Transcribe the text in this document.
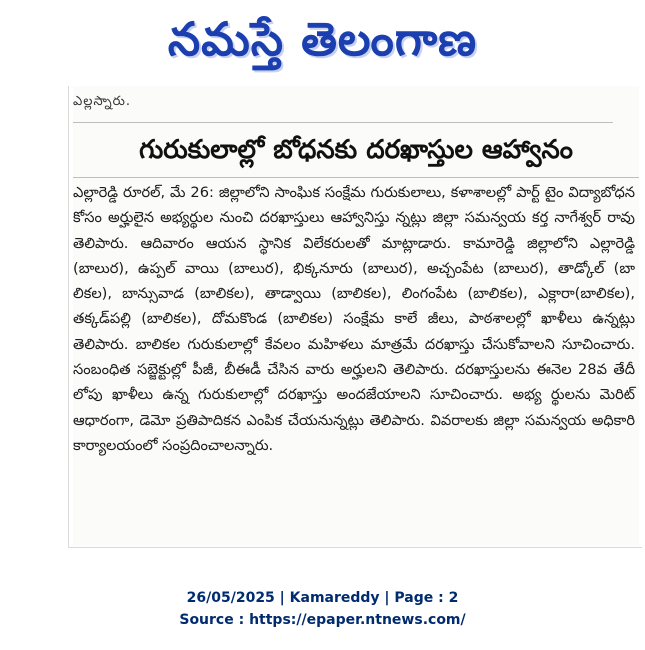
నమస్తే తెలంగాణ
ఎల్లస్నారు.
గురుకులాల్లో బోధనకు దరఖాస్తుల ఆహ్వానం

ఎల్లారెడ్డి రూరల్‌, మే 26: జిల్లాలోని సాంఘిక సంక్షేమ గురుకులాలు, కళాశాలల్లో పార్ట్‌ టైం విద్యాబోధన కోసం అర్హులైన అభ్యర్థుల నుంచి దరఖాస్తులు ఆహ్వానిస్తు న్నట్లు జిల్లా సమన్వయ కర్త నాగేశ్వర్‌ రావు తెలిపారు. ఆదివారం ఆయన స్థానిక విలేకరులతో మాట్లాడారు. కామారెడ్డి జిల్లాలోని ఎల్లారెడ్డి (బాలుర), ఉప్పల్‌ వాయి (బాలుర), భిక్కనూరు (బాలుర), అచ్చంపేట (బాలుర), తాడ్కోల్‌ (బా లికల), బాన్సువాడ (బాలికల), తాడ్వాయి (బాలికల), లింగంపేట (బాలికల), ఎక్లారా(బాలికల), తక్కడ్‌పల్లి (బాలికల), దోమకొండ (బాలికల) సంక్షేమ కాలే జీలు, పాఠశాలల్లో ఖాళీలు ఉన్నట్లు తెలిపారు. బాలికల గురుకులాల్లో కేవలం మహిళలు మాత్రమే దరఖాస్తు చేసుకోవాలని సూచించారు. సంబంధిత సబ్జెక్టుల్లో పీజీ, బీఈడీ చేసిన వారు అర్హులని తెలిపారు. దరఖాస్తులను ఈనెల 28వ తేదీ లోపు ఖాళీలు ఉన్న గురుకులాల్లో దరఖాస్తు అందజేయాలని సూచించారు. అభ్య ర్థులను మెరిట్‌ ఆధారంగా, డెమో ప్రతిపాదికన ఎంపిక చేయనున్నట్లు తెలిపారు. వివరాలకు జిల్లా సమన్వయ అధికారి కార్యాలయంలో సంప్రదించాలన్నారు.

26/05/2025 | Kamareddy | Page : 2
Source : https://epaper.ntnews.com/
